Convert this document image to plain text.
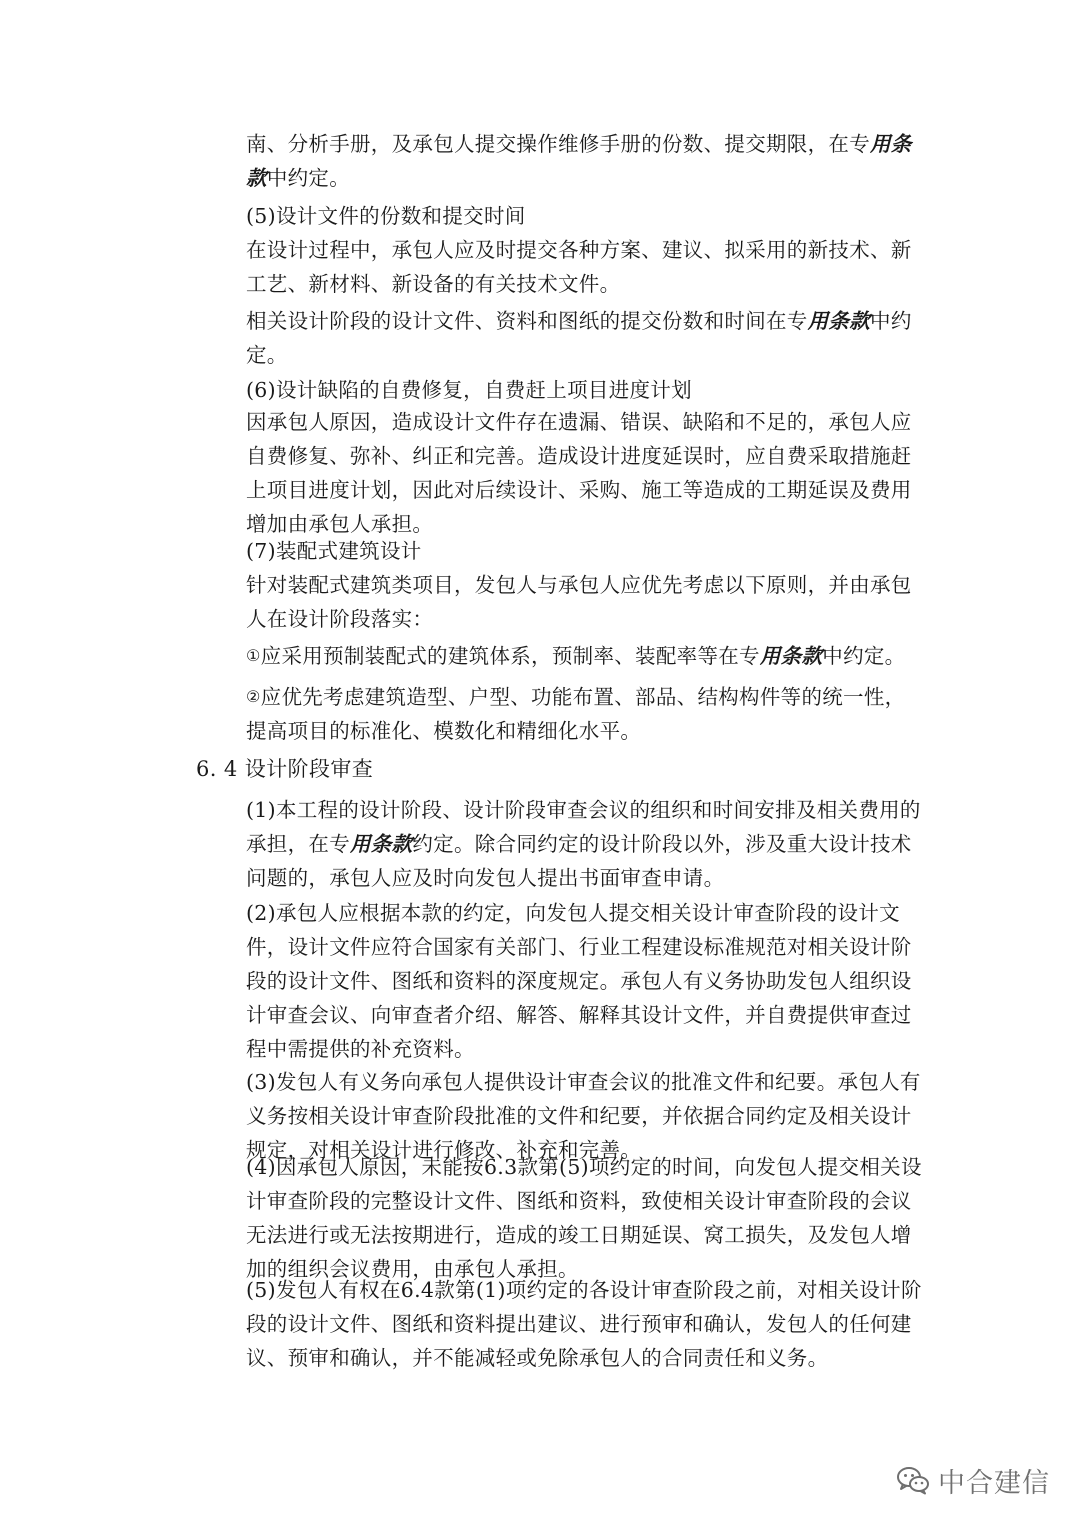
南、分析手册，及承包人提交操作维修手册的份数、提交期限，在专用条款中约定。

(5)设计文件的份数和提交时间

在设计过程中，承包人应及时提交各种方案、建议、拟采用的新技术、新工艺、新材料、新设备的有关技术文件。

相关设计阶段的设计文件、资料和图纸的提交份数和时间在专用条款中约定。

(6)设计缺陷的自费修复，自费赶上项目进度计划

因承包人原因，造成设计文件存在遗漏、错误、缺陷和不足的，承包人应自费修复、弥补、纠正和完善。造成设计进度延误时，应自费采取措施赶上项目进度计划，因此对后续设计、采购、施工等造成的工期延误及费用增加由承包人承担。

(7)装配式建筑设计

针对装配式建筑类项目，发包人与承包人应优先考虑以下原则，并由承包人在设计阶段落实：

①应采用预制装配式的建筑体系，预制率、装配率等在专用条款中约定。

②应优先考虑建筑造型、户型、功能布置、部品、结构构件等的统一性，提高项目的标准化、模数化和精细化水平。

6. 4 设计阶段审查

(1)本工程的设计阶段、设计阶段审查会议的组织和时间安排及相关费用的承担，在专用条款约定。除合同约定的设计阶段以外，涉及重大设计技术问题的，承包人应及时向发包人提出书面审查申请。

(2)承包人应根据本款的约定，向发包人提交相关设计审查阶段的设计文件，设计文件应符合国家有关部门、行业工程建设标准规范对相关设计阶段的设计文件、图纸和资料的深度规定。承包人有义务协助发包人组织设计审查会议、向审查者介绍、解答、解释其设计文件，并自费提供审查过程中需提供的补充资料。

(3)发包人有义务向承包人提供设计审查会议的批准文件和纪要。承包人有义务按相关设计审查阶段批准的文件和纪要，并依据合同约定及相关设计规定，对相关设计进行修改、补充和完善。

(4)因承包人原因，未能按6.3款第(5)项约定的时间，向发包人提交相关设计审查阶段的完整设计文件、图纸和资料，致使相关设计审查阶段的会议无法进行或无法按期进行，造成的竣工日期延误、窝工损失，及发包人增加的组织会议费用，由承包人承担。

(5)发包人有权在6.4款第(1)项约定的各设计审查阶段之前，对相关设计阶段的设计文件、图纸和资料提出建议、进行预审和确认，发包人的任何建议、预审和确认，并不能减轻或免除承包人的合同责任和义务。

中合建信
